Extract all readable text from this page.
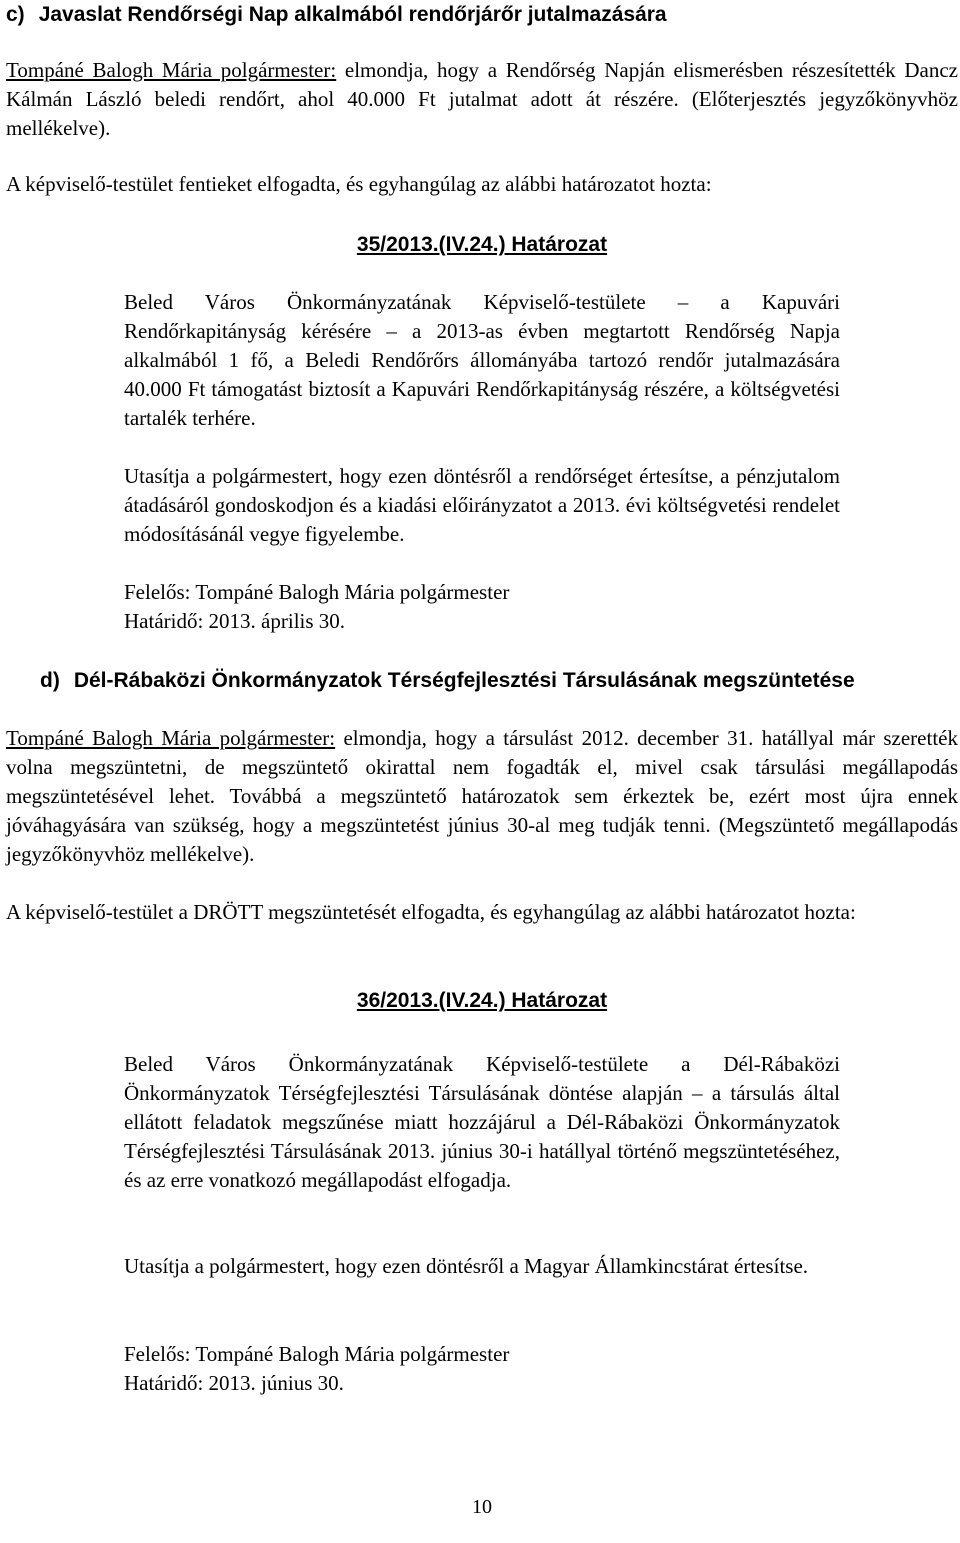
c) Javaslat Rendőrségi Nap alkalmából rendőrjárőr jutalmazására

Tompáné Balogh Mária polgármester: elmondja, hogy a Rendőrség Napján elismerésben részesítették Dancz Kálmán László beledi rendőrt, ahol 40.000 Ft jutalmat adott át részére. (Előterjesztés jegyzőkönyvhöz mellékelve).

A képviselő-testület fentieket elfogadta, és egyhangúlag az alábbi határozatot hozta:

35/2013.(IV.24.) Határozat

Beled Város Önkormányzatának Képviselő-testülete – a Kapuvári Rendőrkapitányság kérésére – a 2013-as évben megtartott Rendőrség Napja alkalmából 1 fő, a Beledi Rendőrőrs állományába tartozó rendőr jutalmazására 40.000 Ft támogatást biztosít a Kapuvári Rendőrkapitányság részére, a költségvetési tartalék terhére.

Utasítja a polgármestert, hogy ezen döntésről a rendőrséget értesítse, a pénzjutalom átadásáról gondoskodjon és a kiadási előirányzatot a 2013. évi költségvetési rendelet módosításánál vegye figyelembe.

Felelős: Tompáné Balogh Mária polgármester

Határidő: 2013. április 30.

d) Dél-Rábaközi Önkormányzatok Térségfejlesztési Társulásának megszüntetése

Tompáné Balogh Mária polgármester: elmondja, hogy a társulást 2012. december 31. hatállyal már szerették volna megszüntetni, de megszüntető okirattal nem fogadták el, mivel csak társulási megállapodás megszüntetésével lehet. Továbbá a megszüntető határozatok sem érkeztek be, ezért most újra ennek jóváhagyására van szükség, hogy a megszüntetést június 30-al meg tudják tenni. (Megszüntető megállapodás jegyzőkönyvhöz mellékelve).

A képviselő-testület a DRÖTT megszüntetését elfogadta, és egyhangúlag az alábbi határozatot hozta:

36/2013.(IV.24.) Határozat

Beled Város Önkormányzatának Képviselő-testülete a Dél-Rábaközi Önkormányzatok Térségfejlesztési Társulásának döntése alapján – a társulás által ellátott feladatok megszűnése miatt hozzájárul a Dél-Rábaközi Önkormányzatok Térségfejlesztési Társulásának 2013. június 30-i hatállyal történő megszüntetéséhez, és az erre vonatkozó megállapodást elfogadja.

Utasítja a polgármestert, hogy ezen döntésről a Magyar Államkincstárat értesítse.

Felelős: Tompáné Balogh Mária polgármester

Határidő: 2013. június 30.

10
